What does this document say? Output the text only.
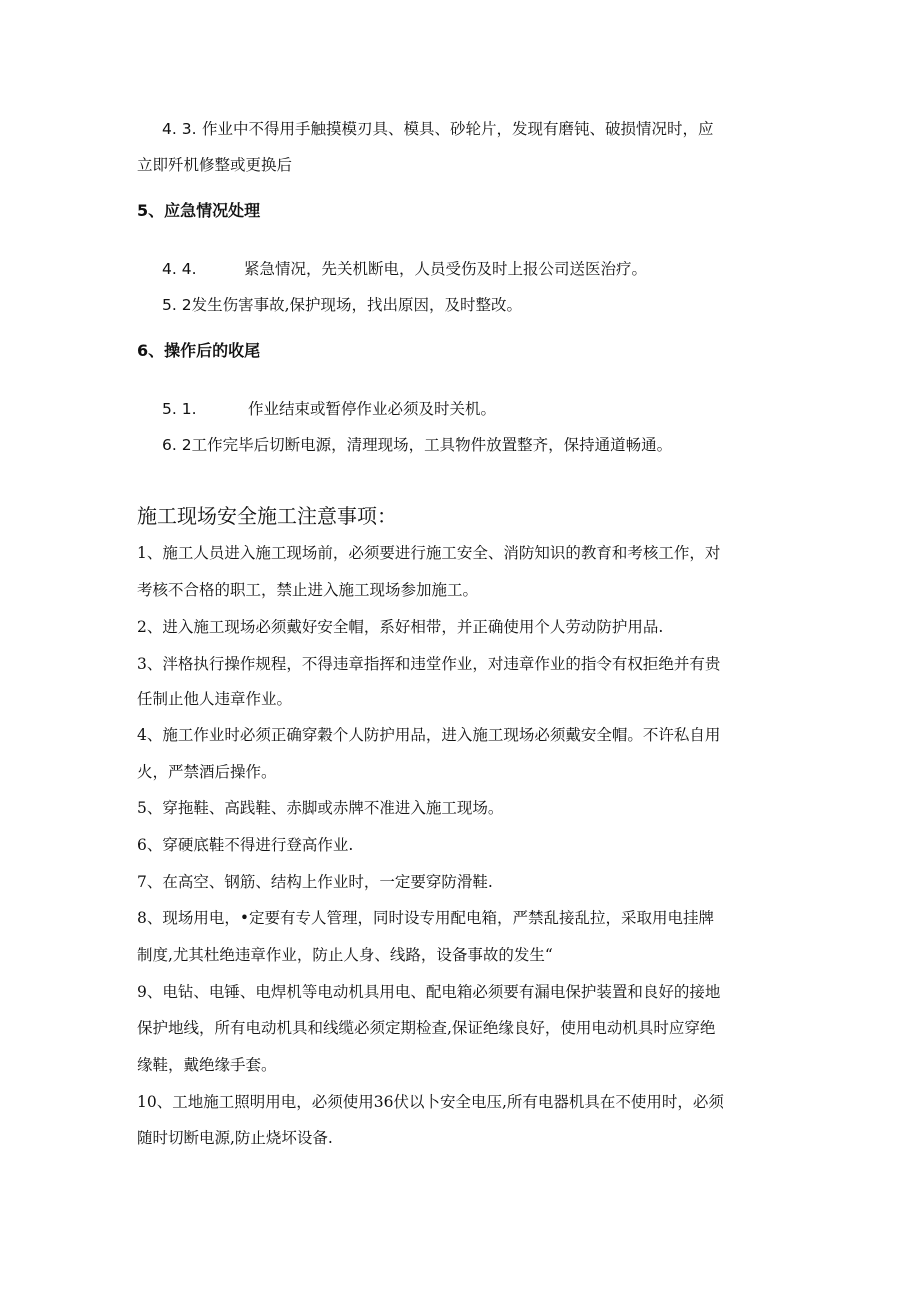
4. 3. 作业中不得用手触摸模刃具、模具、砂轮片，发现有磨钝、破损情况时，应
立即歼机修整或更换后
5、应急情况处理
4. 4.	紧急情况，先关机断电，人员受伤及时上报公司送医治疗。
5. 2发生伤害事故,保护现场，找出原因，及时整改。
6、操作后的收尾
5. 1.	作业结束或暂停作业必须及时关机。
6. 2工作完毕后切断电源，清理现场，工具物件放置整齐，保持通道畅通。
施工现场安全施工注意事项：
1、施工人员进入施工现场前，必须要进行施工安全、消防知识的教育和考核工作，对
考核不合格的职工，禁止进入施工现场参加施工。
2、进入施工现场必须戴好安全帽，系好相带，并正确使用个人劳动防护用品.
3、泮格执行操作规程，不得违章指挥和违堂作业，对违章作业的指令有权拒绝并有贵
任制止他人违章作业。
4、施工作业时必须正确穿穀个人防护用品，进入施工现场必须戴安全帽。不许私自用
火，严禁酒后操作。
5、穿拖鞋、高践鞋、赤脚或赤牌不准进入施工现场。
6、穿硬底鞋不得进行登高作业.
7、在高空、钢筋、结构上作业时，一定要穿防滑鞋.
8、现场用电，•定要有专人管理，同时设专用配电箱，严禁乱接乱拉，采取用电挂牌
制度,尤其杜绝违章作业，防止人身、线路，设备事故的发生“
9、电钻、电锤、电焊机等电动机具用电、配电箱必须要有漏电保护装置和良好的接地
保护地线，所有电动机具和线缆必须定期检查,保证绝缘良好，使用电动机具时应穿绝
缘鞋，戴绝缘手套。
10、工地施工照明用电，必须使用36伏以卜安全电压,所有电器机具在不使用时，必须
随时切断电源,防止烧坏设备.
